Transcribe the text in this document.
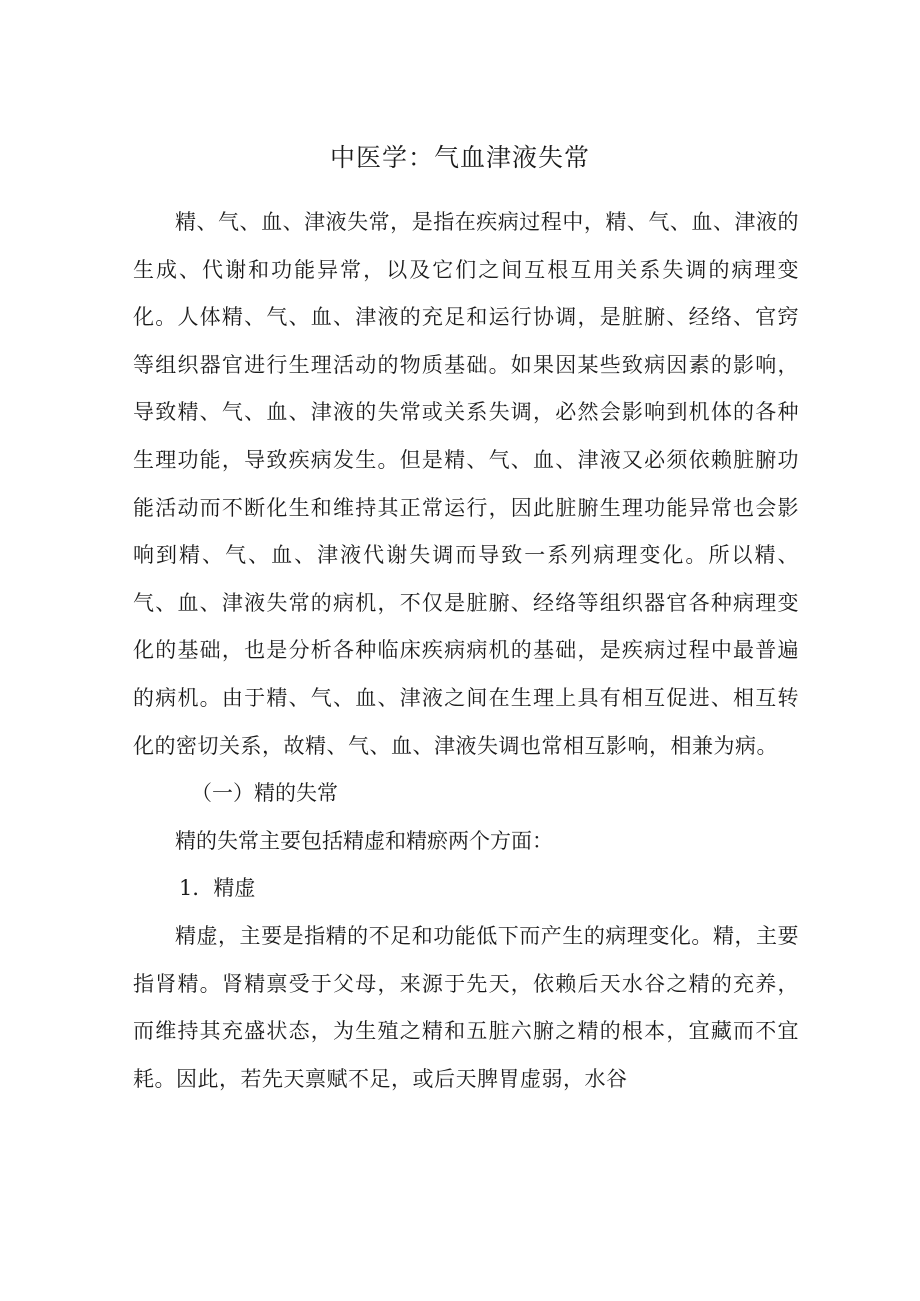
中医学：气血津液失常

精、气、血、津液失常，是指在疾病过程中，精、气、血、津液的生成、代谢和功能异常，以及它们之间互根互用关系失调的病理变化。人体精、气、血、津液的充足和运行协调，是脏腑、经络、官窍等组织器官进行生理活动的物质基础。如果因某些致病因素的影响，导致精、气、血、津液的失常或关系失调，必然会影响到机体的各种生理功能，导致疾病发生。但是精、气、血、津液又必须依赖脏腑功能活动而不断化生和维持其正常运行，因此脏腑生理功能异常也会影响到精、气、血、津液代谢失调而导致一系列病理变化。所以精、气、血、津液失常的病机，不仅是脏腑、经络等组织器官各种病理变化的基础，也是分析各种临床疾病病机的基础，是疾病过程中最普遍的病机。由于精、气、血、津液之间在生理上具有相互促进、相互转化的密切关系，故精、气、血、津液失调也常相互影响，相兼为病。

（一）精的失常

精的失常主要包括精虚和精瘀两个方面：

1．精虚

精虚，主要是指精的不足和功能低下而产生的病理变化。精，主要指肾精。肾精禀受于父母，来源于先天，依赖后天水谷之精的充养，而维持其充盛状态，为生殖之精和五脏六腑之精的根本，宜藏而不宜耗。因此，若先天禀赋不足，或后天脾胃虚弱，水谷
